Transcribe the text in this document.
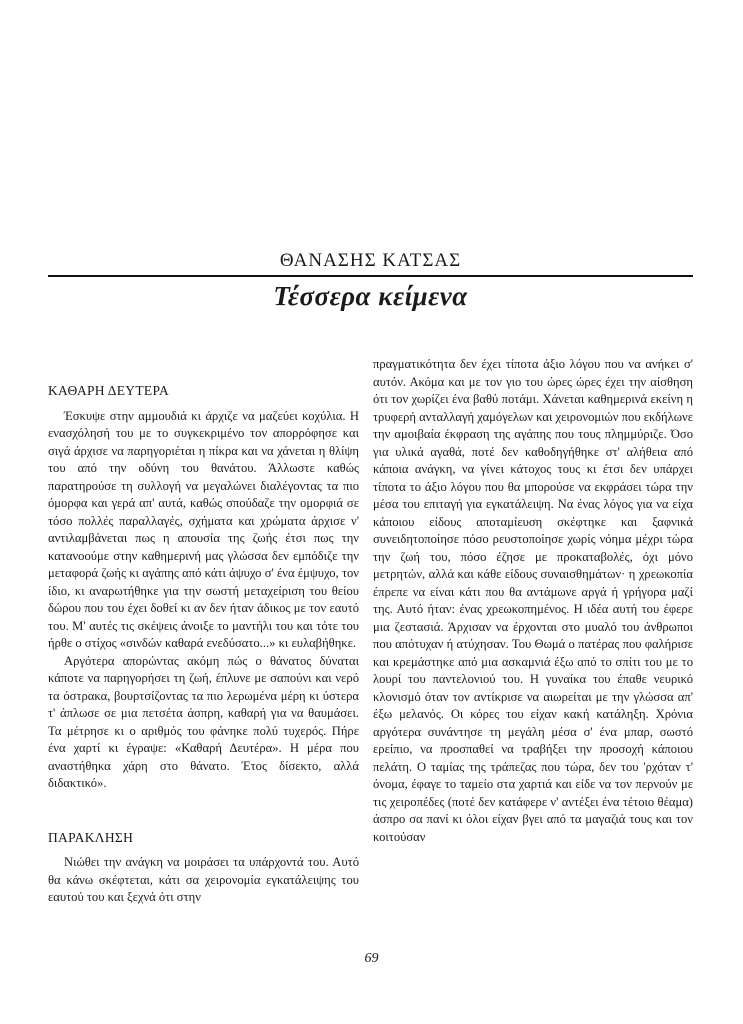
ΘΑΝΑΣΗΣ ΚΑΤΣΑΣ
Τέσσερα κείμενα
ΚΑΘΑΡΗ ΔΕΥΤΕΡΑ

Έσκυψε στην αμμουδιά κι άρχιζε να μαζεύει κοχύλια. Η ενασχόλησή του με το συγκεκριμένο τον απορρόφησε και σιγά άρχισε να παρηγοριέται η πίκρα και να χάνεται η θλίψη του από την οδύνη του θανάτου. Άλλωστε καθώς παρατηρούσε τη συλλογή να μεγαλώνει διαλέγοντας τα πιο όμορφα και γερά απ' αυτά, καθώς σπούδαζε την ομορφιά σε τόσο πολλές παραλλαγές, σχήματα και χρώματα άρχισε ν' αντιλαμβάνεται πως η απουσία της ζωής έτσι πως την κατανοούμε στην καθημερινή μας γλώσσα δεν εμπόδιζε την μεταφορά ζωής κι αγάπης από κάτι άψυχο σ' ένα έμψυχο, τον ίδιο, κι αναρωτήθηκε για την σωστή μεταχείριση του θείου δώρου που του έχει δοθεί κι αν δεν ήταν άδικος με τον εαυτό του. Μ' αυτές τις σκέψεις άνοιξε το μαντήλι του και τότε του ήρθε ο στίχος «σινδών καθαρά ενεδύσατο...» κι ευλαβήθηκε.

Αργότερα απορώντας ακόμη πώς ο θάνατος δύναται κάποτε να παρηγορήσει τη ζωή, έπλυνε με σαπούνι και νερό τα όστρακα, βουρτσίζοντας τα πιο λερωμένα μέρη κι ύστερα τ' άπλωσε σε μια πετσέτα άσπρη, καθαρή για να θαυμάσει. Τα μέτρησε κι ο αριθμός του φάνηκε πολύ τυχερός. Πήρε ένα χαρτί κι έγραψε: «Καθαρή Δευτέρα». Η μέρα που αναστήθηκα χάρη στο θάνατο. Έτος δίσεκτο, αλλά διδακτικό».

ΠΑΡΑΚΛΗΣΗ

Νιώθει την ανάγκη να μοιράσει τα υπάρχοντά του. Αυτό θα κάνω σκέφτεται, κάτι σα χειρονομία εγκατάλειψης του εαυτού του και ξεχνά ότι στην

πραγματικότητα δεν έχει τίποτα άξιο λόγου που να ανήκει σ' αυτόν. Ακόμα και με τον γιο του ώρες ώρες έχει την αίσθηση ότι τον χωρίζει ένα βαθύ ποτάμι. Χάνεται καθημερινά εκείνη η τρυφερή ανταλλαγή χαμόγελων και χειρονομιών που εκδήλωνε την αμοιβαία έκφραση της αγάπης που τους πλημμύριζε. Όσο για υλικά αγαθά, ποτέ δεν καθοδηγήθηκε στ' αλήθεια από κάποια ανάγκη, να γίνει κάτοχος τους κι έτσι δεν υπάρχει τίποτα το άξιο λόγου που θα μπορούσε να εκφράσει τώρα την μέσα του επιταγή για εγκατάλειψη. Να ένας λόγος για να είχα κάποιου είδους αποταμίευση σκέφτηκε και ξαφνικά συνειδητοποίησε πόσο ρευστοποίησε χωρίς νόημα μέχρι τώρα την ζωή του, πόσο έζησε με προκαταβολές, όχι μόνο μετρητών, αλλά και κάθε είδους συναισθημάτων· η χρεωκοπία έπρεπε να είναι κάτι που θα αντάμωνε αργά ή γρήγορα μαζί της. Αυτό ήταν: ένας χρεωκοπημένος. Η ιδέα αυτή του έφερε μια ζεστασιά. Άρχισαν να έρχονται στο μυαλό του άνθρωποι που απότυχαν ή ατύχησαν. Του Θωμά ο πατέρας που φαλήρισε και κρεμάστηκε από μια ασκαμνιά έξω από το σπίτι του με το λουρί του παντελονιού του. Η γυναίκα του έπαθε νευρικό κλονισμό όταν τον αντίκρισε να αιωρείται με την γλώσσα απ' έξω μελανός. Οι κόρες του είχαν κακή κατάληξη. Χρόνια αργότερα συνάντησε τη μεγάλη μέσα σ' ένα μπαρ, σωστό ερείπιο, να προσπαθεί να τραβήξει την προσοχή κάποιου πελάτη. Ο ταμίας της τράπεζας που τώρα, δεν του 'ρχόταν τ' όνομα, έφαγε το ταμείο στα χαρτιά και είδε να τον περνούν με τις χειροπέδες (ποτέ δεν κατάφερε ν' αντέξει ένα τέτοιο θέαμα) άσπρο σα πανί κι όλοι είχαν βγει από τα μαγαζιά τους και τον κοιτούσαν

69
